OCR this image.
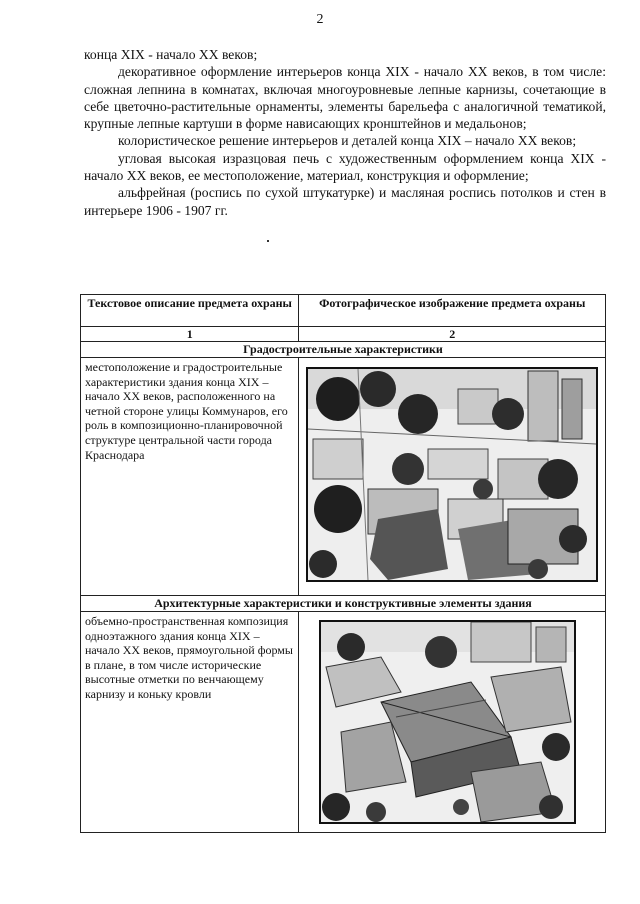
2

конца XIX - начало XX веков;

декоративное оформление интерьеров конца XIX - начало XX веков, в том числе: сложная лепнина в комнатах, включая многоуровневые лепные карнизы, сочетающие в себе цветочно-растительные орнаменты, элементы барельефа с аналогичной тематикой, крупные лепные картуши в форме нависающих кронштейнов и медальонов;

колористическое решение интерьеров и деталей конца XIX – начало XX веков;

угловая высокая изразцовая печь с художественным оформлением конца XIX - начало XX веков, ее местоположение, материал, конструкция и оформление;

альфрейная (роспись по сухой штукатурке) и масляная роспись потолков и стен в интерьере 1906 - 1907 гг.

Текстовое описание предмета охраны	Фотографическое изображение предмета охраны
1	2
Градостроительные характеристики	
местоположение и градостроительные характеристики здания конца XIX – начало XX веков, расположенного на четной стороне улицы Коммунаров, его роль в композиционно-планировочной структуре центральной части города Краснодара	

Архитектурные характеристики и конструктивные элементы здания	
объемно-пространственная композиция одноэтажного здания конца XIX – начало XX веков, прямоугольной формы в плане, в том числе исторические высотные отметки по венчающему карнизу и коньку кровли	
